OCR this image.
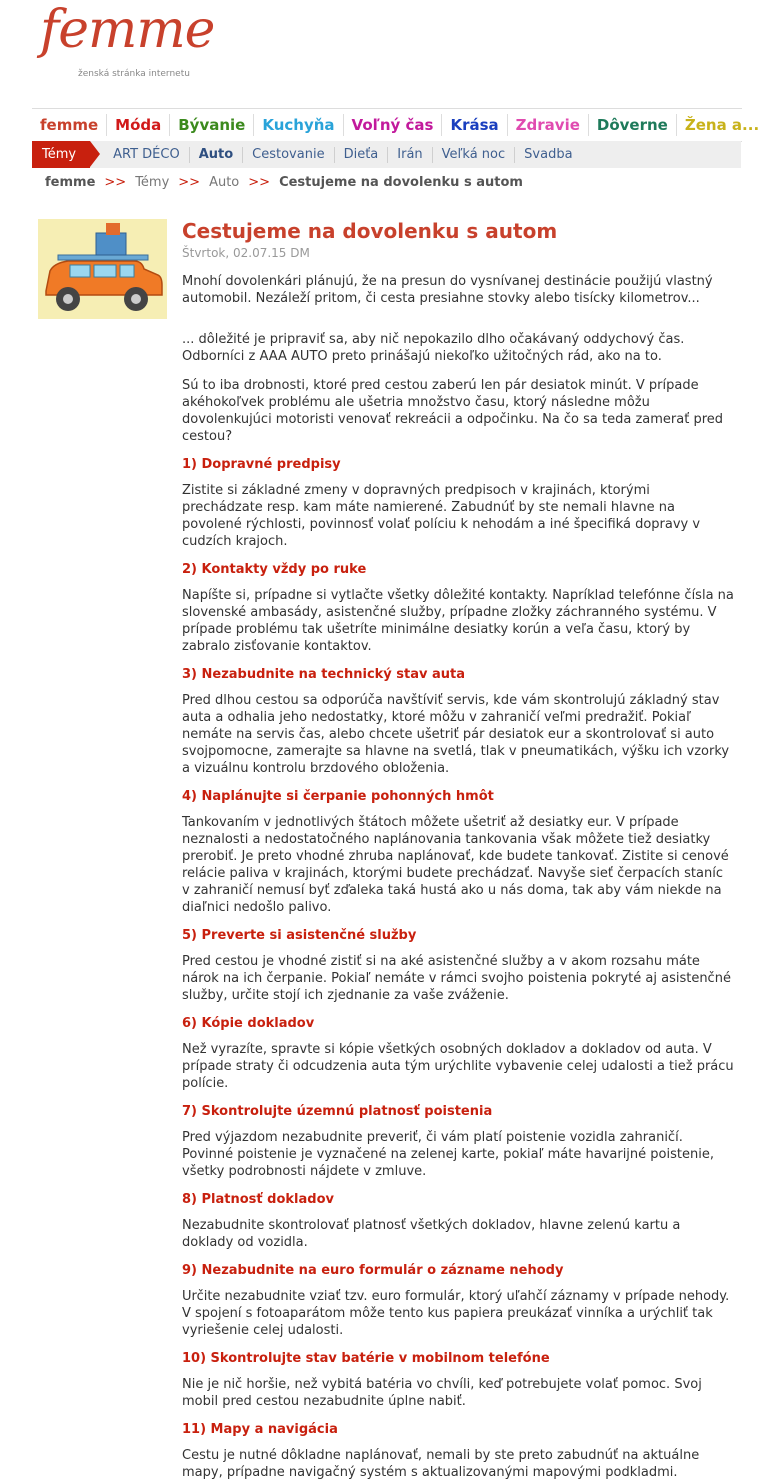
femme
ženská stránka internetu
femme	Móda	Bývanie	Kuchyňa	Voľný čas	Krása	Zdravie	Dôverne	Žena a...
Témy	ART DÉCO	Auto	Cestovanie	Dieťa	Irán	Veľká noc	Svadba
femme >> Témy >> Auto >> Cestujeme na dovolenku s autom
Cestujeme na dovolenku s autom
Štvrtok, 02.07.15 DM

Mnohí dovolenkári plánujú, že na presun do vysnívanej destinácie použijú vlastný automobil. Nezáleží pritom, či cesta presiahne stovky alebo tisícky kilometrov...

... dôležité je pripraviť sa, aby nič nepokazilo dlho očakávaný oddychový čas. Odborníci z AAA AUTO preto prinášajú niekoľko užitočných rád, ako na to.

Sú to iba drobnosti, ktoré pred cestou zaberú len pár desiatok minút. V prípade akéhokoľvek problému ale ušetria množstvo času, ktorý následne môžu dovolenkujúci motoristi venovať rekreácii a odpočinku. Na čo sa teda zamerať pred cestou?

1) Dopravné predpisy

Zistite si základné zmeny v dopravných predpisoch v krajinách, ktorými prechádzate resp. kam máte namierené. Zabudnúť by ste nemali hlavne na povolené rýchlosti, povinnosť volať políciu k nehodám a iné špecifiká dopravy v cudzích krajoch.

2) Kontakty vždy po ruke

Napíšte si, prípadne si vytlačte všetky dôležité kontakty. Napríklad telefónne čísla na slovenské ambasády, asistenčné služby, prípadne zložky záchranného systému. V prípade problému tak ušetríte minimálne desiatky korún a veľa času, ktorý by zabralo zisťovanie kontaktov.

3) Nezabudnite na technický stav auta

Pred dlhou cestou sa odporúča navštíviť servis, kde vám skontrolujú základný stav auta a odhalia jeho nedostatky, ktoré môžu v zahraničí veľmi predražiť. Pokiaľ nemáte na servis čas, alebo chcete ušetriť pár desiatok eur a skontrolovať si auto svojpomocne, zamerajte sa hlavne na svetlá, tlak v pneumatikách, výšku ich vzorky a vizuálnu kontrolu brzdového obloženia.

4) Naplánujte si čerpanie pohonných hmôt

Tankovaním v jednotlivých štátoch môžete ušetriť až desiatky eur. V prípade neznalosti a nedostatočného naplánovania tankovania však môžete tiež desiatky prerobiť. Je preto vhodné zhruba naplánovať, kde budete tankovať. Zistite si cenové relácie paliva v krajinách, ktorými budete prechádzať. Navyše sieť čerpacích staníc v zahraničí nemusí byť zďaleka taká hustá ako u nás doma, tak aby vám niekde na diaľnici nedošlo palivo.

5) Preverte si asistenčné služby

Pred cestou je vhodné zistiť si na aké asistenčné služby a v akom rozsahu máte nárok na ich čerpanie. Pokiaľ nemáte v rámci svojho poistenia pokryté aj asistenčné služby, určite stojí ich zjednanie za vaše zváženie.

6) Kópie dokladov

Než vyrazíte, spravte si kópie všetkých osobných dokladov a dokladov od auta. V prípade straty či odcudzenia auta tým urýchlite vybavenie celej udalosti a tiež prácu polície.

7) Skontrolujte územnú platnosť poistenia

Pred výjazdom nezabudnite preveriť, či vám platí poistenie vozidla zahraničí. Povinné poistenie je vyznačené na zelenej karte, pokiaľ máte havarijné poistenie, všetky podrobnosti nájdete v zmluve.

8) Platnosť dokladov

Nezabudnite skontrolovať platnosť všetkých dokladov, hlavne zelenú kartu a doklady od vozidla.

9) Nezabudnite na euro formulár o zázname nehody

Určite nezabudnite vziať tzv. euro formulár, ktorý uľahčí záznamy v prípade nehody. V spojení s fotoaparátom môže tento kus papiera preukázať vinníka a urýchliť tak vyriešenie celej udalosti.

10) Skontrolujte stav batérie v mobilnom telefóne

Nie je nič horšie, než vybitá batéria vo chvíli, keď potrebujete volať pomoc. Svoj mobil pred cestou nezabudnite úplne nabiť.

11) Mapy a navigácia

Cestu je nutné dôkladne naplánovať, nemali by ste preto zabudnúť na aktuálne mapy, prípadne navigačný systém s aktualizovanými mapovými podkladmi.
